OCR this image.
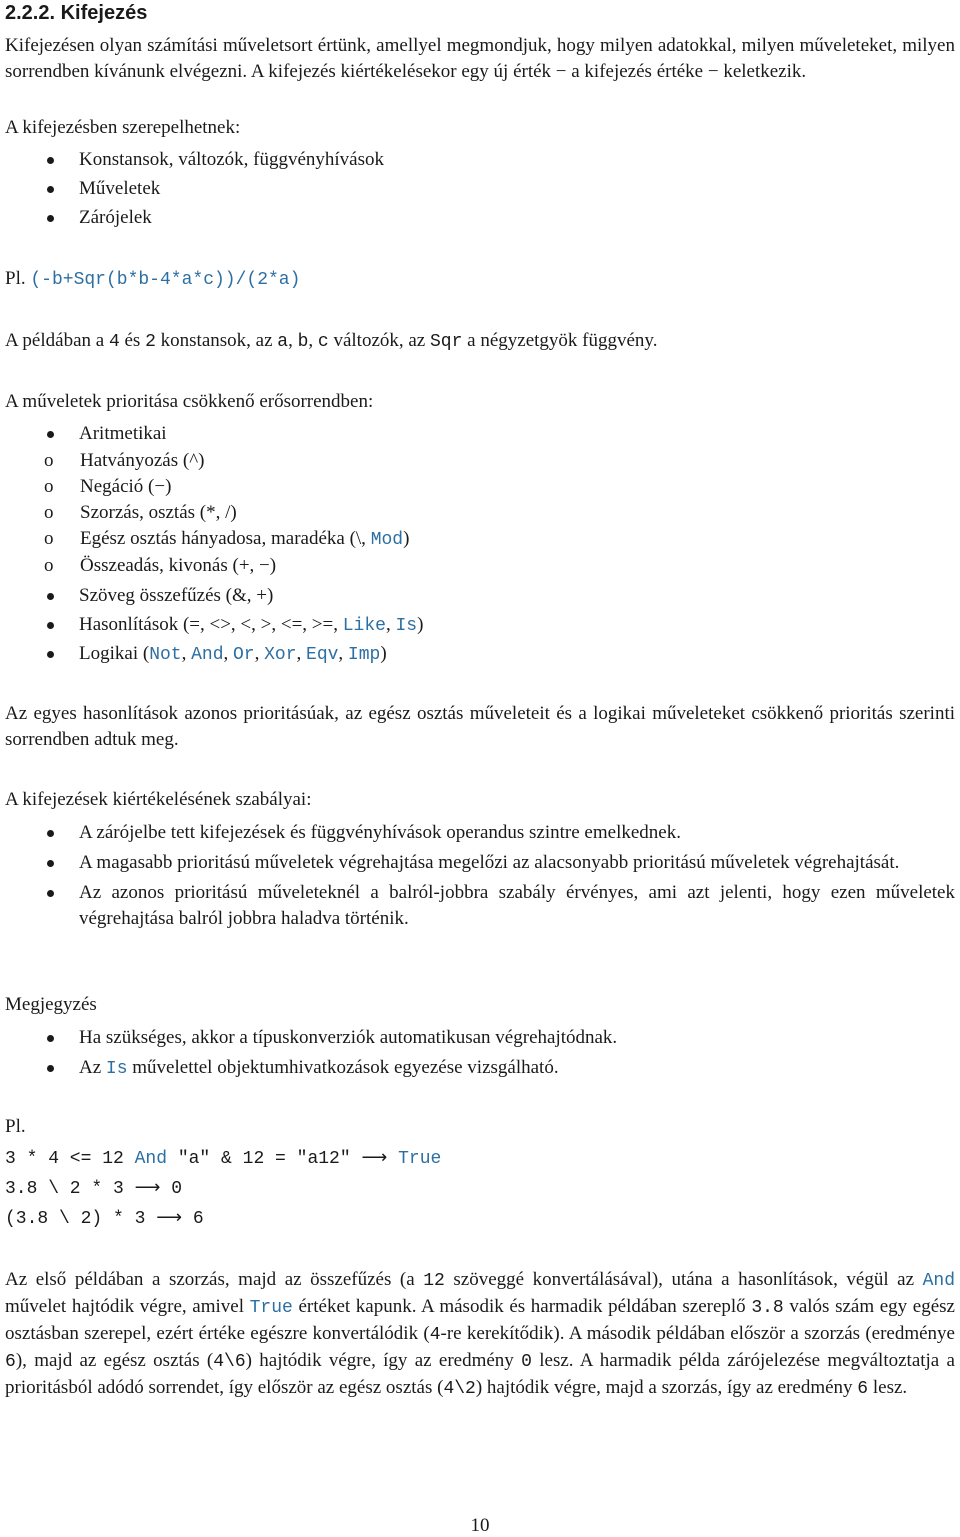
2.2.2. Kifejezés
Kifejezésen olyan számítási műveletsort értünk, amellyel megmondjuk, hogy milyen adatokkal, milyen műveleteket, milyen sorrendben kívánunk elvégezni. A kifejezés kiértékelésekor egy új érték − a kifejezés értéke − keletkezik.
A kifejezésben szerepelhetnek:
Konstansok, változók, függvényhívások
Műveletek
Zárójelek
Pl. (-b+Sqr(b*b-4*a*c))/(2*a)
A példában a 4 és 2 konstansok, az a, b, c változók, az Sqr a négyzetgyök függvény.
A műveletek prioritása csökkenő erősorrendben:
Aritmetikai
o Hatványozás (^)
o Negáció (−)
o Szorzás, osztás (*, /)
o Egész osztás hányadosa, maradéka (\, Mod)
o Összeadás, kivonás (+, −)
Szöveg összefűzés (&, +)
Hasonlítások (=, <>, <, >, <=, >=, Like, Is)
Logikai (Not, And, Or, Xor, Eqv, Imp)
Az egyes hasonlítások azonos prioritásúak, az egész osztás műveleteit és a logikai műveleteket csökkenő prioritás szerinti sorrendben adtuk meg.
A kifejezések kiértékelésének szabályai:
A zárójelbe tett kifejezések és függvényhívások operandus szintre emelkednek.
A magasabb prioritású műveletek végrehajtása megelőzi az alacsonyabb prioritású műveletek végrehajtását.
Az azonos prioritású műveleteknél a balról-jobbra szabály érvényes, ami azt jelenti, hogy ezen műveletek végrehajtása balról jobbra haladva történik.
Megjegyzés
Ha szükséges, akkor a típuskonverziók automatikusan végrehajtódnak.
Az Is művelettel objektumhivatkozások egyezése vizsgálható.
Pl.
3 * 4 <= 12 And "a" & 12 = "a12" ⟶ True
3.8 \ 2 * 3 ⟶ 0
(3.8 \ 2) * 3 ⟶ 6
Az első példában a szorzás, majd az összefűzés (a 12 szöveggé konvertálásával), utána a hasonlítások, végül az And művelet hajtódik végre, amivel True értéket kapunk. A második és harmadik példában szereplő 3.8 valós szám egy egész osztásban szerepel, ezért értéke egészre konvertálódik (4-re kerekítődik). A második példában először a szorzás (eredménye 6), majd az egész osztás (4\6) hajtódik végre, így az eredmény 0 lesz. A harmadik példa zárójelezése megváltoztatja a prioritásból adódó sorrendet, így először az egész osztás (4\2) hajtódik végre, majd a szorzás, így az eredmény 6 lesz.
10
